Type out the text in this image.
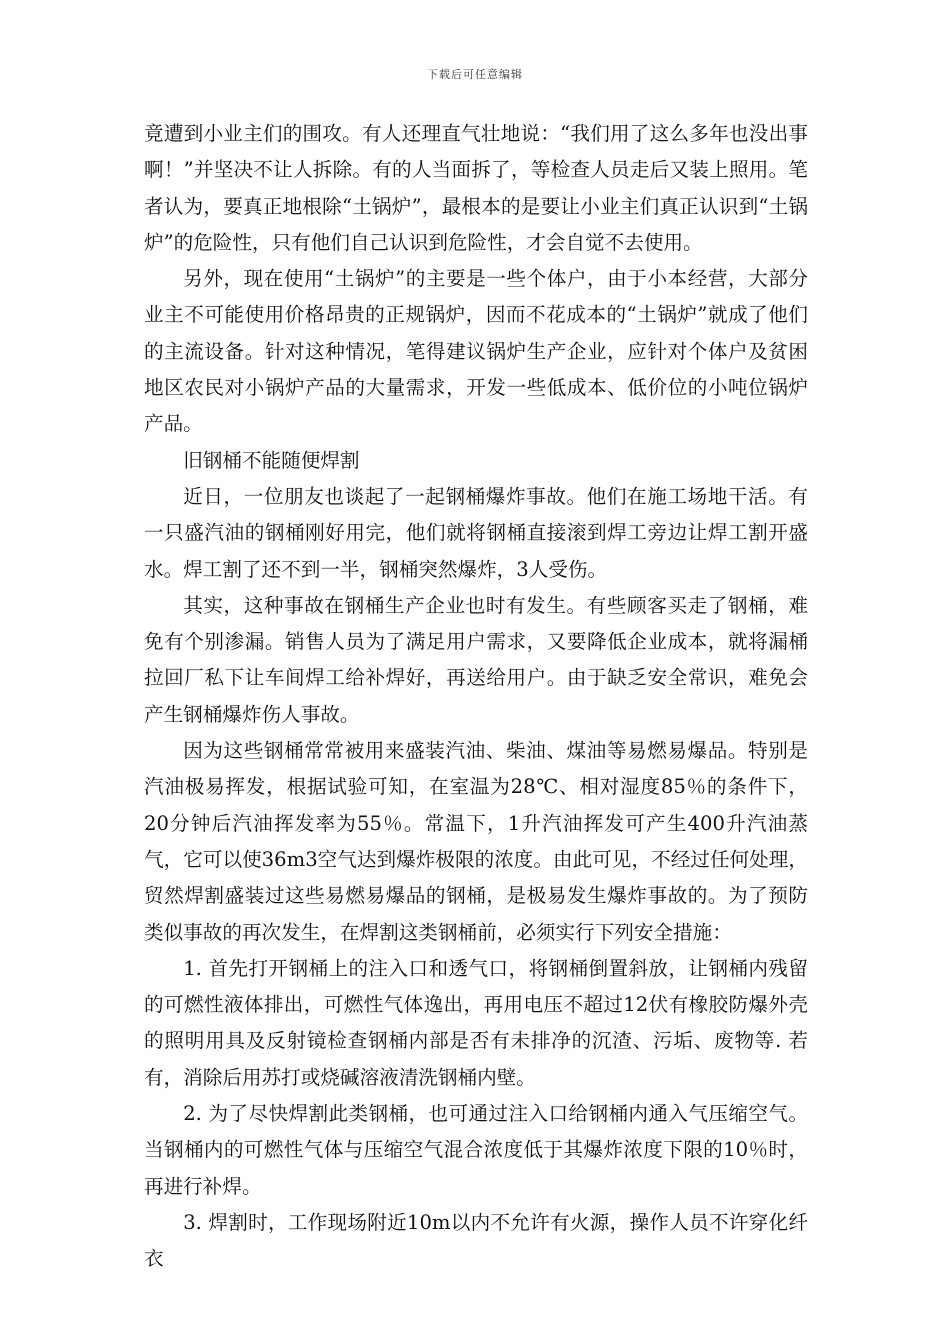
下载后可任意编辑

竟遭到小业主们的围攻。有人还理直气壮地说：“我们用了这么多年也没出事啊！”并坚决不让人拆除。有的人当面拆了，等检查人员走后又装上照用。笔者认为，要真正地根除“土锅炉”，最根本的是要让小业主们真正认识到“土锅炉”的危险性，只有他们自己认识到危险性，才会自觉不去使用。

另外，现在使用“土锅炉”的主要是一些个体户，由于小本经营，大部分业主不可能使用价格昂贵的正规锅炉，因而不花成本的“土锅炉”就成了他们的主流设备。针对这种情况，笔得建议锅炉生产企业，应针对个体户及贫困地区农民对小锅炉产品的大量需求，开发一些低成本、低价位的小吨位锅炉产品。

旧钢桶不能随便焊割

近日，一位朋友也谈起了一起钢桶爆炸事故。他们在施工场地干活。有一只盛汽油的钢桶刚好用完，他们就将钢桶直接滚到焊工旁边让焊工割开盛水。焊工割了还不到一半，钢桶突然爆炸，3人受伤。

其实，这种事故在钢桶生产企业也时有发生。有些顾客买走了钢桶，难免有个别渗漏。销售人员为了满足用户需求，又要降低企业成本，就将漏桶拉回厂私下让车间焊工给补焊好，再送给用户。由于缺乏安全常识，难免会产生钢桶爆炸伤人事故。

因为这些钢桶常常被用来盛装汽油、柴油、煤油等易燃易爆品。特别是汽油极易挥发，根据试验可知，在室温为28℃、相对湿度85％的条件下，20分钟后汽油挥发率为55％。常温下，1升汽油挥发可产生400升汽油蒸气，它可以使36m3空气达到爆炸极限的浓度。由此可见，不经过任何处理，贸然焊割盛装过这些易燃易爆品的钢桶，是极易发生爆炸事故的。为了预防类似事故的再次发生，在焊割这类钢桶前，必须实行下列安全措施：

1. 首先打开钢桶上的注入口和透气口，将钢桶倒置斜放，让钢桶内残留的可燃性液体排出，可燃性气体逸出，再用电压不超过12伏有橡胶防爆外壳的照明用具及反射镜检查钢桶内部是否有未排净的沉渣、污垢、废物等. 若有，消除后用苏打或烧碱溶液清洗钢桶内壁。

2. 为了尽快焊割此类钢桶，也可通过注入口给钢桶内通入气压缩空气。当钢桶内的可燃性气体与压缩空气混合浓度低于其爆炸浓度下限的10％时，再进行补焊。

3. 焊割时，工作现场附近10m以内不允许有火源，操作人员不许穿化纤衣
